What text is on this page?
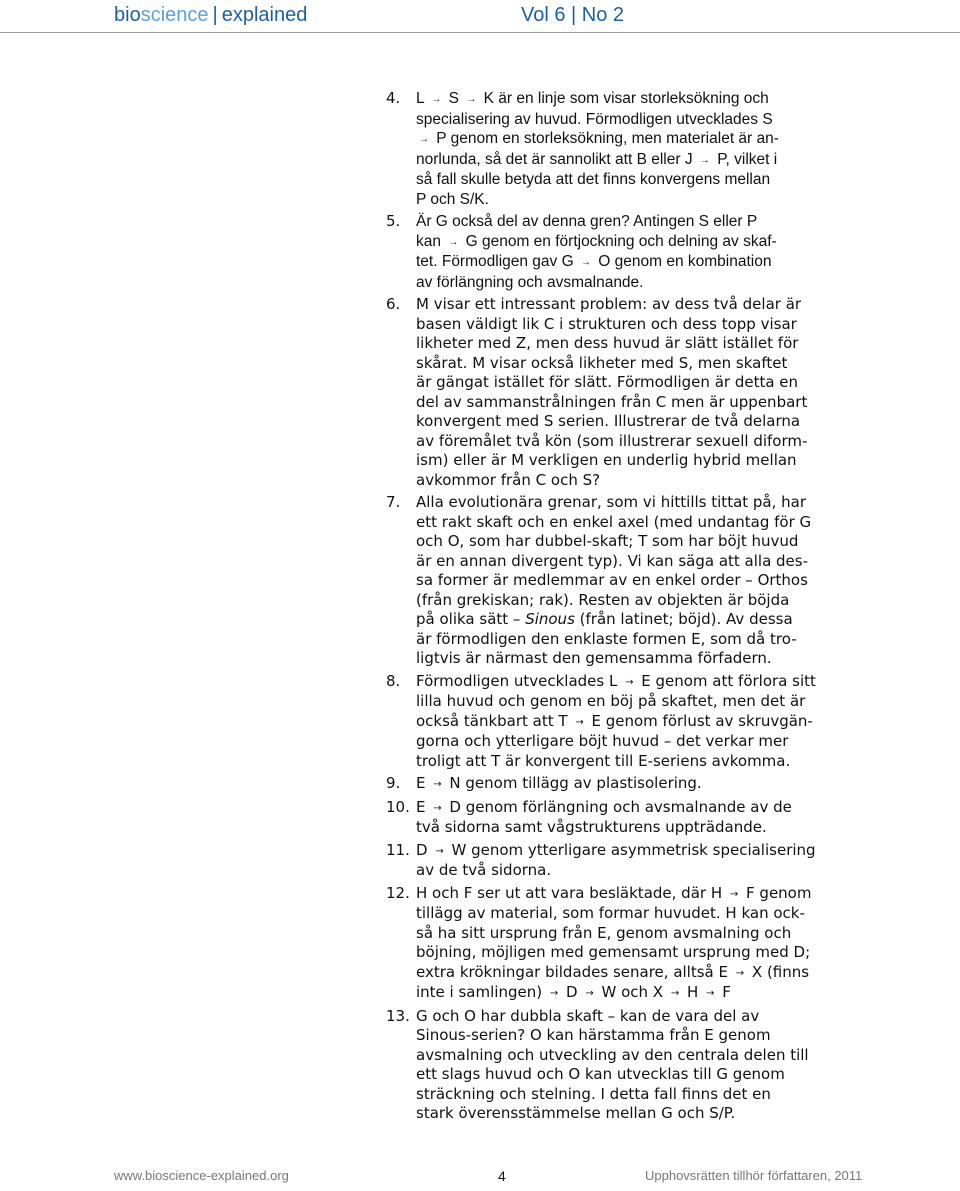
bioscience | explained	Vol 6 | No 2
4.	L → S → K är en linje som visar storleksökning och
specialisering av huvud. Förmodligen utvecklades S
→ P genom en storleksökning, men materialet är an-
norlunda, så det är sannolikt att B eller J → P, vilket i
så fall skulle betyda att det finns konvergens mellan
P och S/K.
5.	Är G också del av denna gren? Antingen S eller P
kan → G genom en förtjockning och delning av skaf-
tet. Förmodligen gav G → O genom en kombination
av förlängning och avsmalnande.
6.	M visar ett intressant problem: av dess två delar är
basen väldigt lik C i strukturen och dess topp visar
likheter med Z, men dess huvud är slätt istället för
skårat. M visar också likheter med S, men skaftet
är gängat istället för slätt. Förmodligen är detta en
del av sammanstrålningen från C men är uppenbart
konvergent med S serien. Illustrerar de två delarna
av föremålet två kön (som illustrerar sexuell diform-
ism) eller är M verkligen en underlig hybrid mellan
avkommor från C och S?
7.	Alla evolutionära grenar, som vi hittills tittat på, har
ett rakt skaft och en enkel axel (med undantag för G
och O, som har dubbel-skaft; T som har böjt huvud
är en annan divergent typ). Vi kan säga att alla des-
sa former är medlemmar av en enkel order – Orthos
(från grekiskan; rak). Resten av objekten är böjda
på olika sätt – Sinous (från latinet; böjd). Av dessa
är förmodligen den enklaste formen E, som då tro-
ligtvis är närmast den gemensamma förfadern.
8.	Förmodligen utvecklades L → E genom att förlora sitt
lilla huvud och genom en böj på skaftet, men det är
också tänkbart att T → E genom förlust av skruvgän-
gorna och ytterligare böjt huvud – det verkar mer
troligt att T är konvergent till E-seriens avkomma.
9.	E → N genom tillägg av plastisolering.
10. E → D genom förlängning och avsmalnande av de
två sidorna samt vågstrukturens uppträdande.
11. D → W genom ytterligare asymmetrisk specialisering
av de två sidorna.
12. H och F ser ut att vara besläktade, där H → F genom
tillägg av material, som formar huvudet. H kan ock-
så ha sitt ursprung från E, genom avsmalning och
böjning, möjligen med gemensamt ursprung med D;
extra krökningar bildades senare, alltså E → X (finns
inte i samlingen) → D → W och X → H → F
13. G och O har dubbla skaft – kan de vara del av
Sinous-serien? O kan härstamma från E genom
avsmalning och utveckling av den centrala delen till
ett slags huvud och O kan utvecklas till G genom
sträckning och stelning. I detta fall finns det en
stark överensstämmelse mellan G och S/P.
www.bioscience-explained.org	4	Upphovsrätten tillhör författaren, 2011
